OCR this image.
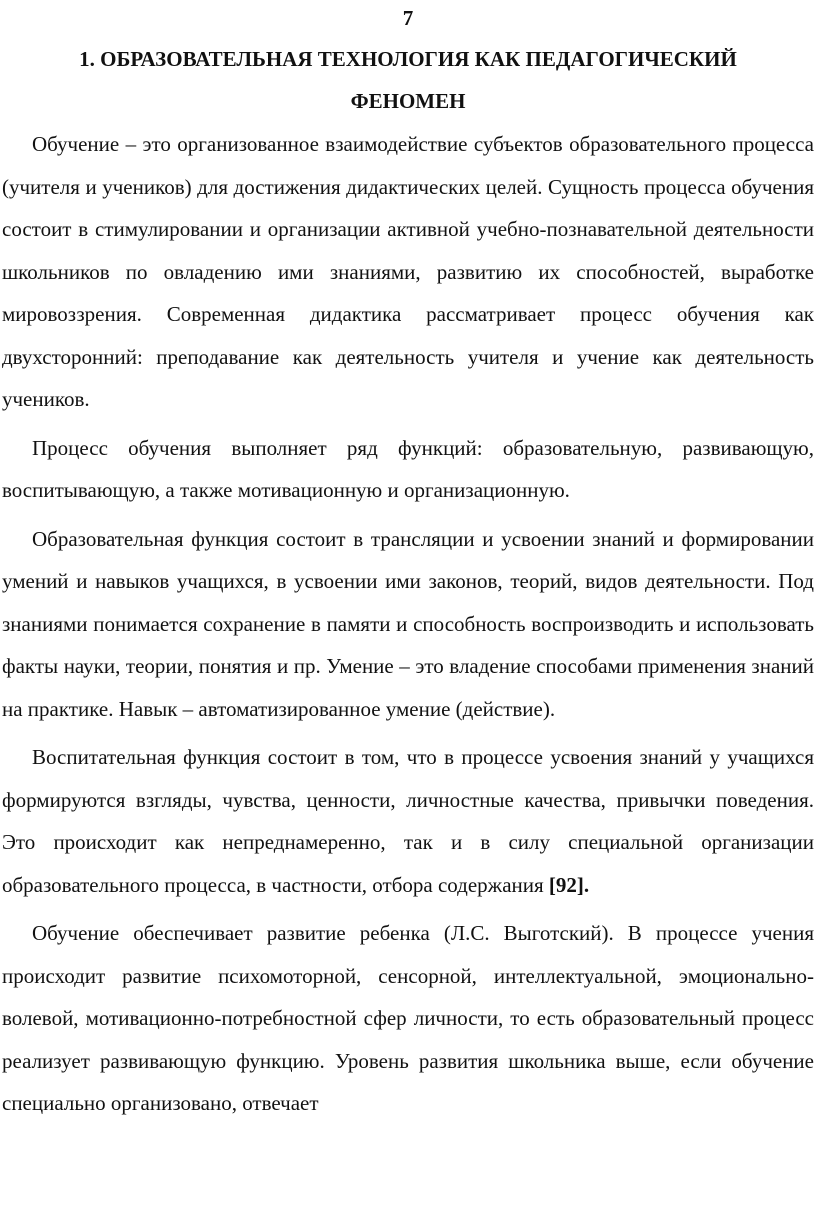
7
1. ОБРАЗОВАТЕЛЬНАЯ ТЕХНОЛОГИЯ КАК ПЕДАГОГИЧЕСКИЙ
ФЕНОМЕН

Обучение – это организованное взаимодействие субъектов образовательного процесса (учителя и учеников) для достижения дидактических целей. Сущность процесса обучения состоит в стимулировании и организации активной учебно-познавательной деятельности школьников по овладению ими знаниями, развитию их способностей, выработке мировоззрения. Современная дидактика рассматривает процесс обучения как двухсторонний: преподавание как деятельность учителя и учение как деятельность учеников.

Процесс обучения выполняет ряд функций: образовательную, развивающую, воспитывающую, а также мотивационную и организационную.

Образовательная функция состоит в трансляции и усвоении знаний и формировании умений и навыков учащихся, в усвоении ими законов, теорий, видов деятельности. Под знаниями понимается сохранение в памяти и способность воспроизводить и использовать факты науки, теории, понятия и пр. Умение – это владение способами применения знаний на практике. Навык – автоматизированное умение (действие).

Воспитательная функция состоит в том, что в процессе усвоения знаний у учащихся формируются взгляды, чувства, ценности, личностные качества, привычки поведения. Это происходит как непреднамеренно, так и в силу специальной организации образовательного процесса, в частности, отбора содержания [92].

Обучение обеспечивает развитие ребенка (Л.С. Выготский). В процессе учения происходит развитие психомоторной, сенсорной, интеллектуальной, эмоционально-волевой, мотивационно-потребностной сфер личности, то есть образовательный процесс реализует развивающую функцию. Уровень развития школьника выше, если обучение специально организовано, отвечает
